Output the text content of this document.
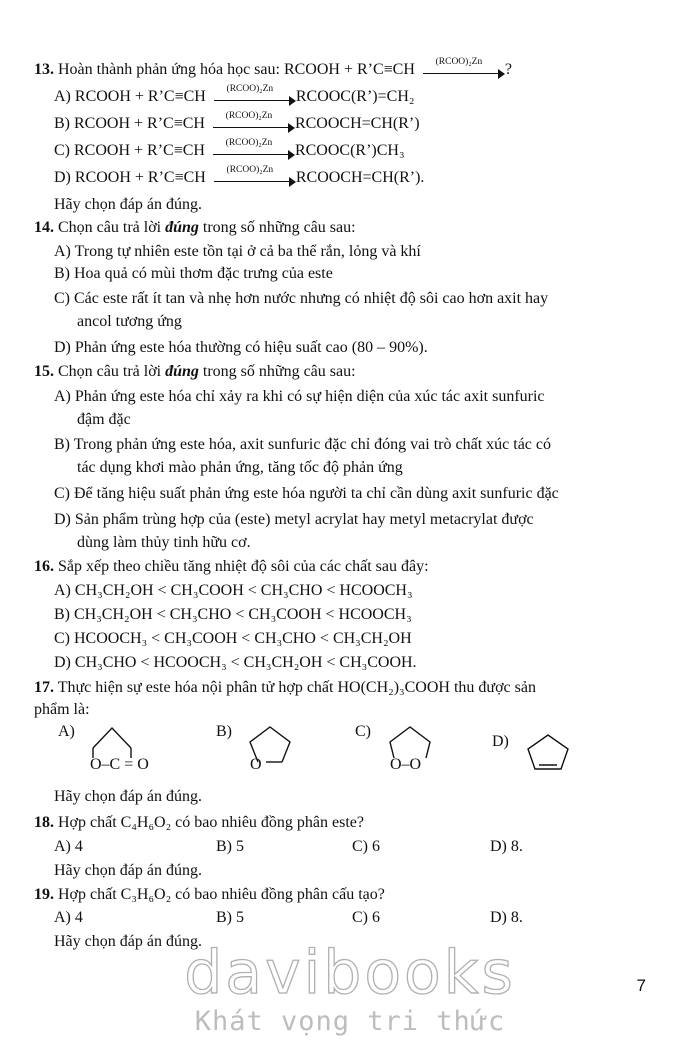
13. Hoàn thành phản ứng hóa học sau: RCOOH + R’C≡CH	(RCOO)₂Zn	?
A) RCOOH + R’C≡CH	(RCOO)₂Zn	RCOOC(R’)=CH₂
B) RCOOH + R’C≡CH	(RCOO)₂Zn	RCOOCH=CH(R’)
C) RCOOH + R’C≡CH	(RCOO)₂Zn	RCOOC(R’)CH₃
D) RCOOH + R’C≡CH	(RCOO)₂Zn	RCOOCH=CH(R’).
Hãy chọn đáp án đúng.
14. Chọn câu trả lời đúng trong số những câu sau:
A) Trong tự nhiên este tồn tại ở cả ba thể rắn, lỏng và khí
B) Hoa quả có mùi thơm đặc trưng của este
C) Các este rất ít tan và nhẹ hơn nước nhưng có nhiệt độ sôi cao hơn axit hay
ancol tương ứng
D) Phản ứng este hóa thường có hiệu suất cao (80 – 90%).
15. Chọn câu trả lời đúng trong số những câu sau:
A) Phản ứng este hóa chỉ xảy ra khi có sự hiện diện của xúc tác axit sunfuric
đậm đặc
B) Trong phản ứng este hóa, axit sunfuric đặc chỉ đóng vai trò chất xúc tác có
tác dụng khơi mào phản ứng, tăng tốc độ phản ứng
C) Để tăng hiệu suất phản ứng este hóa người ta chỉ cần dùng axit sunfuric đặc
D) Sản phẩm trùng hợp của (este) metyl acrylat hay metyl metacrylat được
dùng làm thủy tinh hữu cơ.
16. Sắp xếp theo chiều tăng nhiệt độ sôi của các chất sau đây:
A) CH₃CH₂OH < CH₃COOH < CH₃CHO < HCOOCH₃
B) CH₃CH₂OH < CH₃CHO < CH₃COOH < HCOOCH₃
C) HCOOCH₃ < CH₃COOH < CH₃CHO < CH₃CH₂OH
D) CH₃CHO < HCOOCH₃ < CH₃CH₂OH < CH₃COOH.
17. Thực hiện sự este hóa nội phân tử hợp chất HO(CH₂)₃COOH thu được sản
phẩm là:
A)
O–C = O
B)
O
C)
O–O
D)
Hãy chọn đáp án đúng.
18. Hợp chất C₄H₆O₂ có bao nhiêu đồng phân este?
A) 4	B) 5	C) 6	D) 8.
Hãy chọn đáp án đúng.
19. Hợp chất C₃H₆O₂ có bao nhiêu đồng phân cấu tạo?
A) 4	B) 5	C) 6	D) 8.
Hãy chọn đáp án đúng.
7
davibooks
Khát vọng tri thức
